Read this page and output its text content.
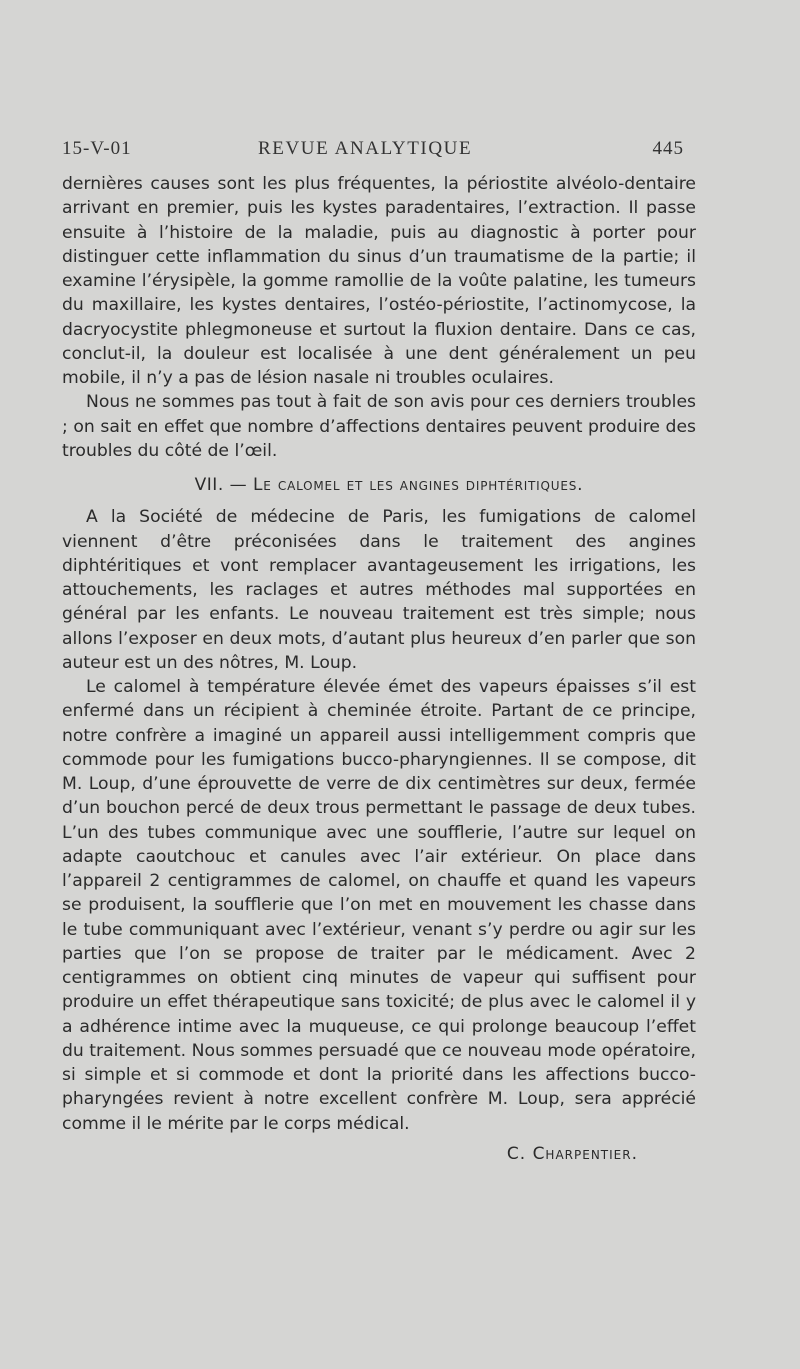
15-V-01	REVUE ANALYTIQUE	445

dernières causes sont les plus fréquentes, la périostite alvéolo-dentaire arrivant en premier, puis les kystes paradentaires, l’extraction. Il passe ensuite à l’histoire de la maladie, puis au diagnostic à porter pour distinguer cette inflammation du sinus d’un traumatisme de la partie; il examine l’érysipèle, la gomme ramollie de la voûte palatine, les tumeurs du maxillaire, les kystes dentaires, l’ostéo-périostite, l’actinomycose, la dacryocystite phlegmoneuse et surtout la fluxion dentaire. Dans ce cas, conclut-il, la douleur est localisée à une dent généralement un peu mobile, il n’y a pas de lésion nasale ni troubles oculaires.

Nous ne sommes pas tout à fait de son avis pour ces derniers troubles ; on sait en effet que nombre d’affections dentaires peuvent produire des troubles du côté de l’œil.

VII. — Le calomel et les angines diphtéritiques.

A la Société de médecine de Paris, les fumigations de calomel viennent d’être préconisées dans le traitement des angines diphtéritiques et vont remplacer avantageusement les irrigations, les attouchements, les raclages et autres méthodes mal supportées en général par les enfants. Le nouveau traitement est très simple; nous allons l’exposer en deux mots, d’autant plus heureux d’en parler que son auteur est un des nôtres, M. Loup.

Le calomel à température élevée émet des vapeurs épaisses s’il est enfermé dans un récipient à cheminée étroite. Partant de ce principe, notre confrère a imaginé un appareil aussi intelligemment compris que commode pour les fumigations bucco-pharyngiennes. Il se compose, dit M. Loup, d’une éprouvette de verre de dix centimètres sur deux, fermée d’un bouchon percé de deux trous permettant le passage de deux tubes. L’un des tubes communique avec une soufflerie, l’autre sur lequel on adapte caoutchouc et canules avec l’air extérieur. On place dans l’appareil 2 centigrammes de calomel, on chauffe et quand les vapeurs se produisent, la soufflerie que l’on met en mouvement les chasse dans le tube communiquant avec l’extérieur, venant s’y perdre ou agir sur les parties que l’on se propose de traiter par le médicament. Avec 2 centigrammes on obtient cinq minutes de vapeur qui suffisent pour produire un effet thérapeutique sans toxicité; de plus avec le calomel il y a adhérence intime avec la muqueuse, ce qui prolonge beaucoup l’effet du traitement. Nous sommes persuadé que ce nouveau mode opératoire, si simple et si commode et dont la priorité dans les affections bucco-pharyngées revient à notre excellent confrère M. Loup, sera apprécié comme il le mérite par le corps médical.

C. Charpentier.
